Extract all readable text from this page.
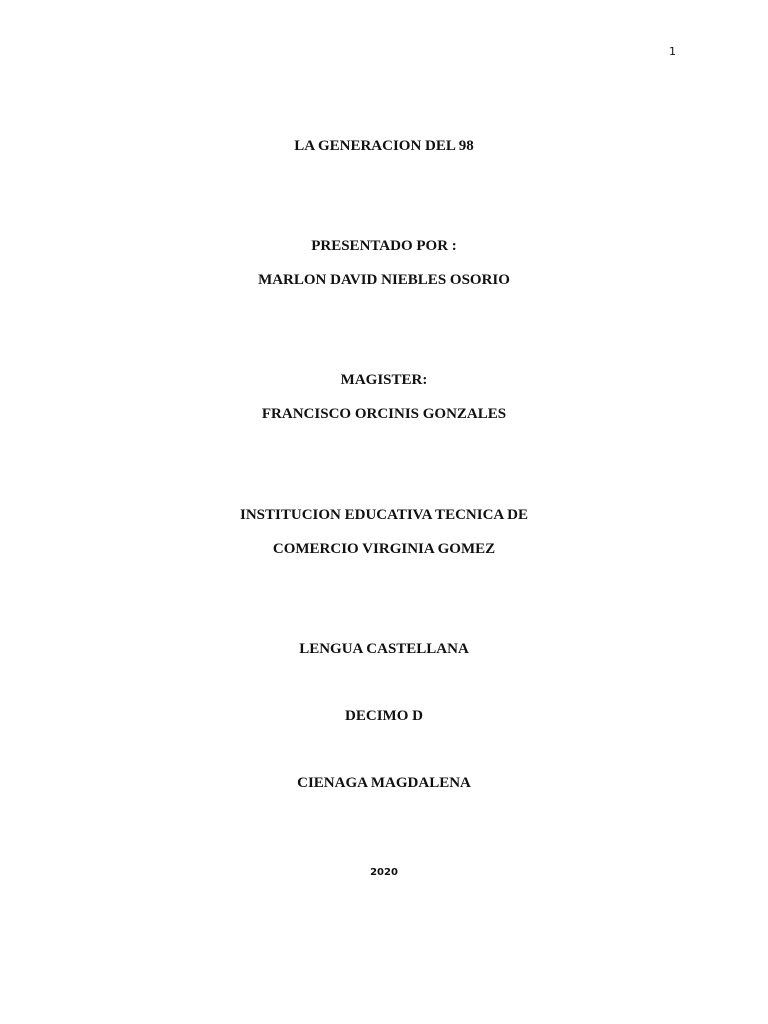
1
LA GENERACION DEL 98
PRESENTADO POR :
MARLON DAVID NIEBLES OSORIO
MAGISTER:
FRANCISCO ORCINIS GONZALES
INSTITUCION EDUCATIVA TECNICA DE
COMERCIO VIRGINIA GOMEZ
LENGUA CASTELLANA
DECIMO D
CIENAGA MAGDALENA
2020
